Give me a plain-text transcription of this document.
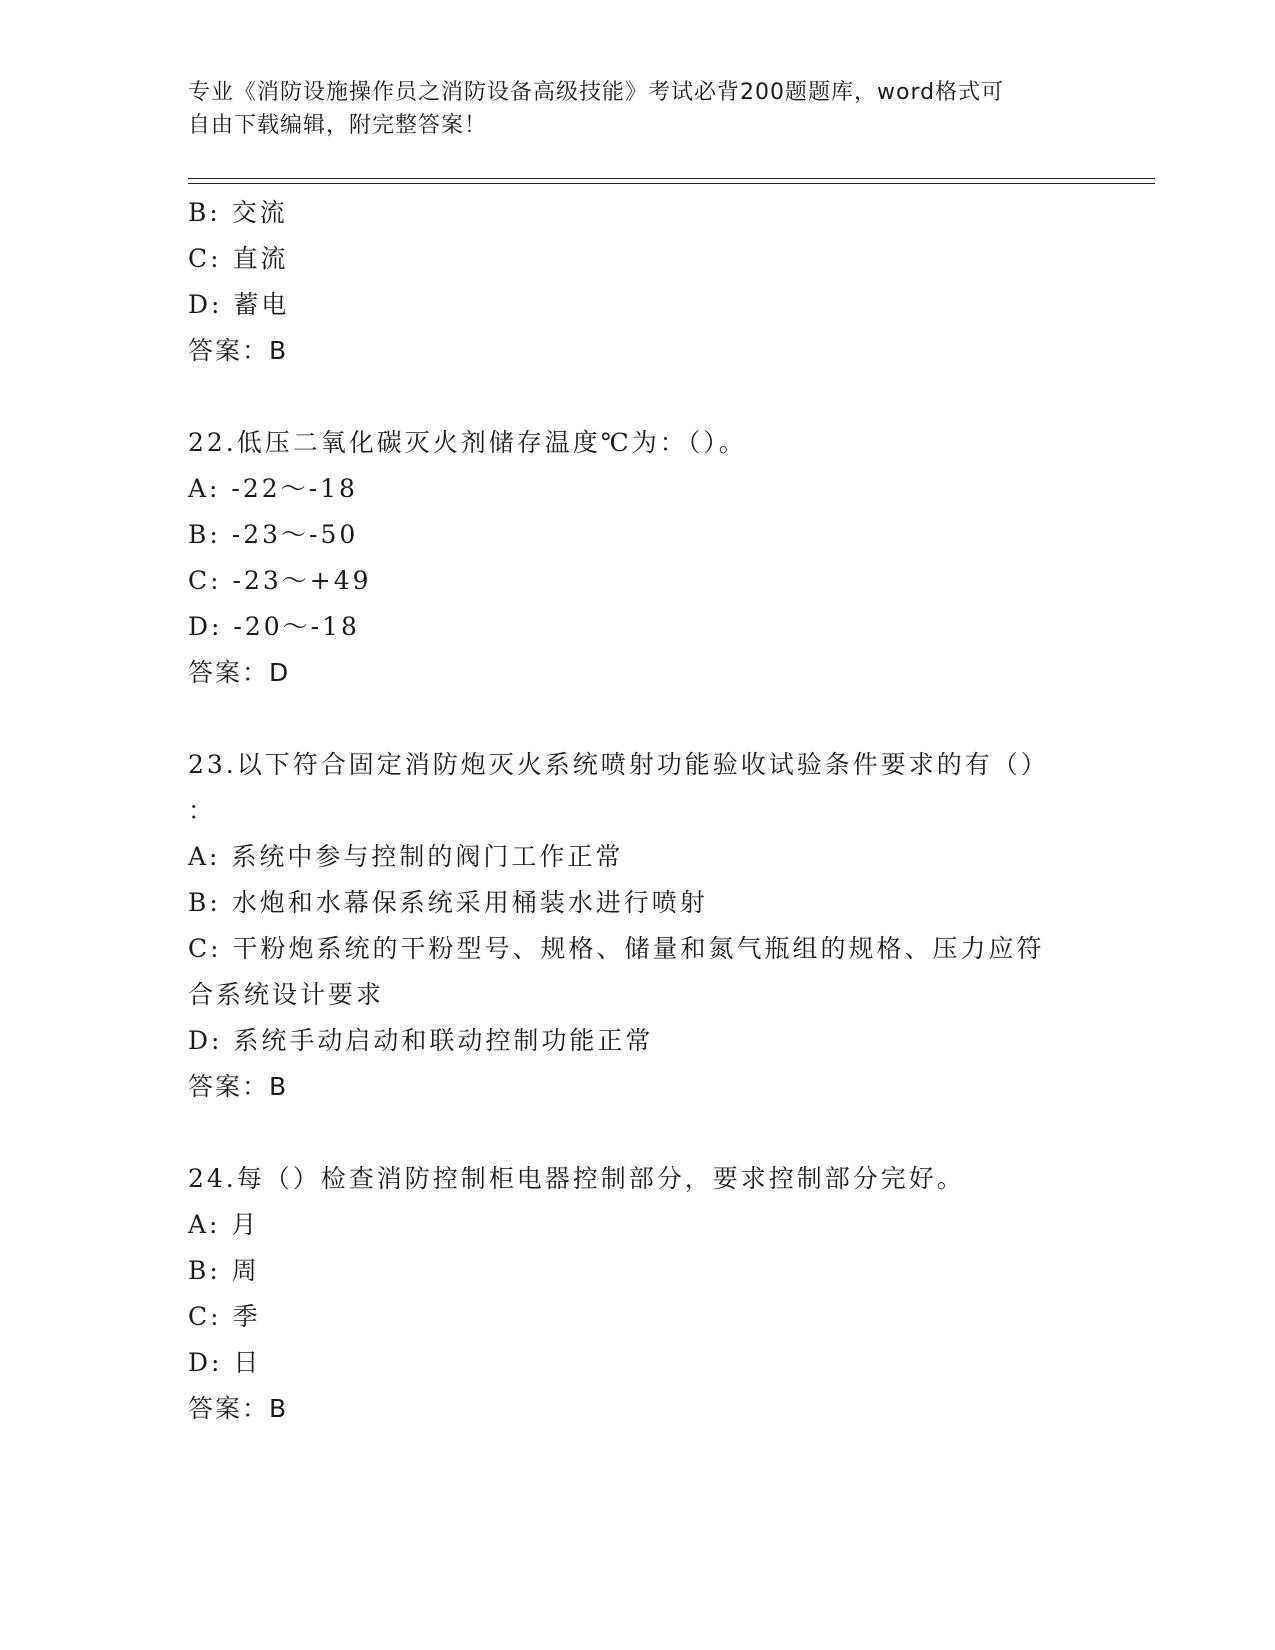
专业《消防设施操作员之消防设备高级技能》考试必背200题题库，word格式可
自由下载编辑，附完整答案！
B: 交流
C: 直流
D: 蓄电
答案：B
22.低压二氧化碳灭火剂储存温度℃为：（）。
A: -22～-18
B: -23～-50
C: -23～+49
D: -20～-18
答案：D
23.以下符合固定消防炮灭火系统喷射功能验收试验条件要求的有（）
：
A: 系统中参与控制的阀门工作正常
B: 水炮和水幕保系统采用桶装水进行喷射
C: 干粉炮系统的干粉型号、规格、储量和氮气瓶组的规格、压力应符
合系统设计要求
D: 系统手动启动和联动控制功能正常
答案：B
24.每（）检查消防控制柜电器控制部分，要求控制部分完好。
A: 月
B: 周
C: 季
D: 日
答案：B
